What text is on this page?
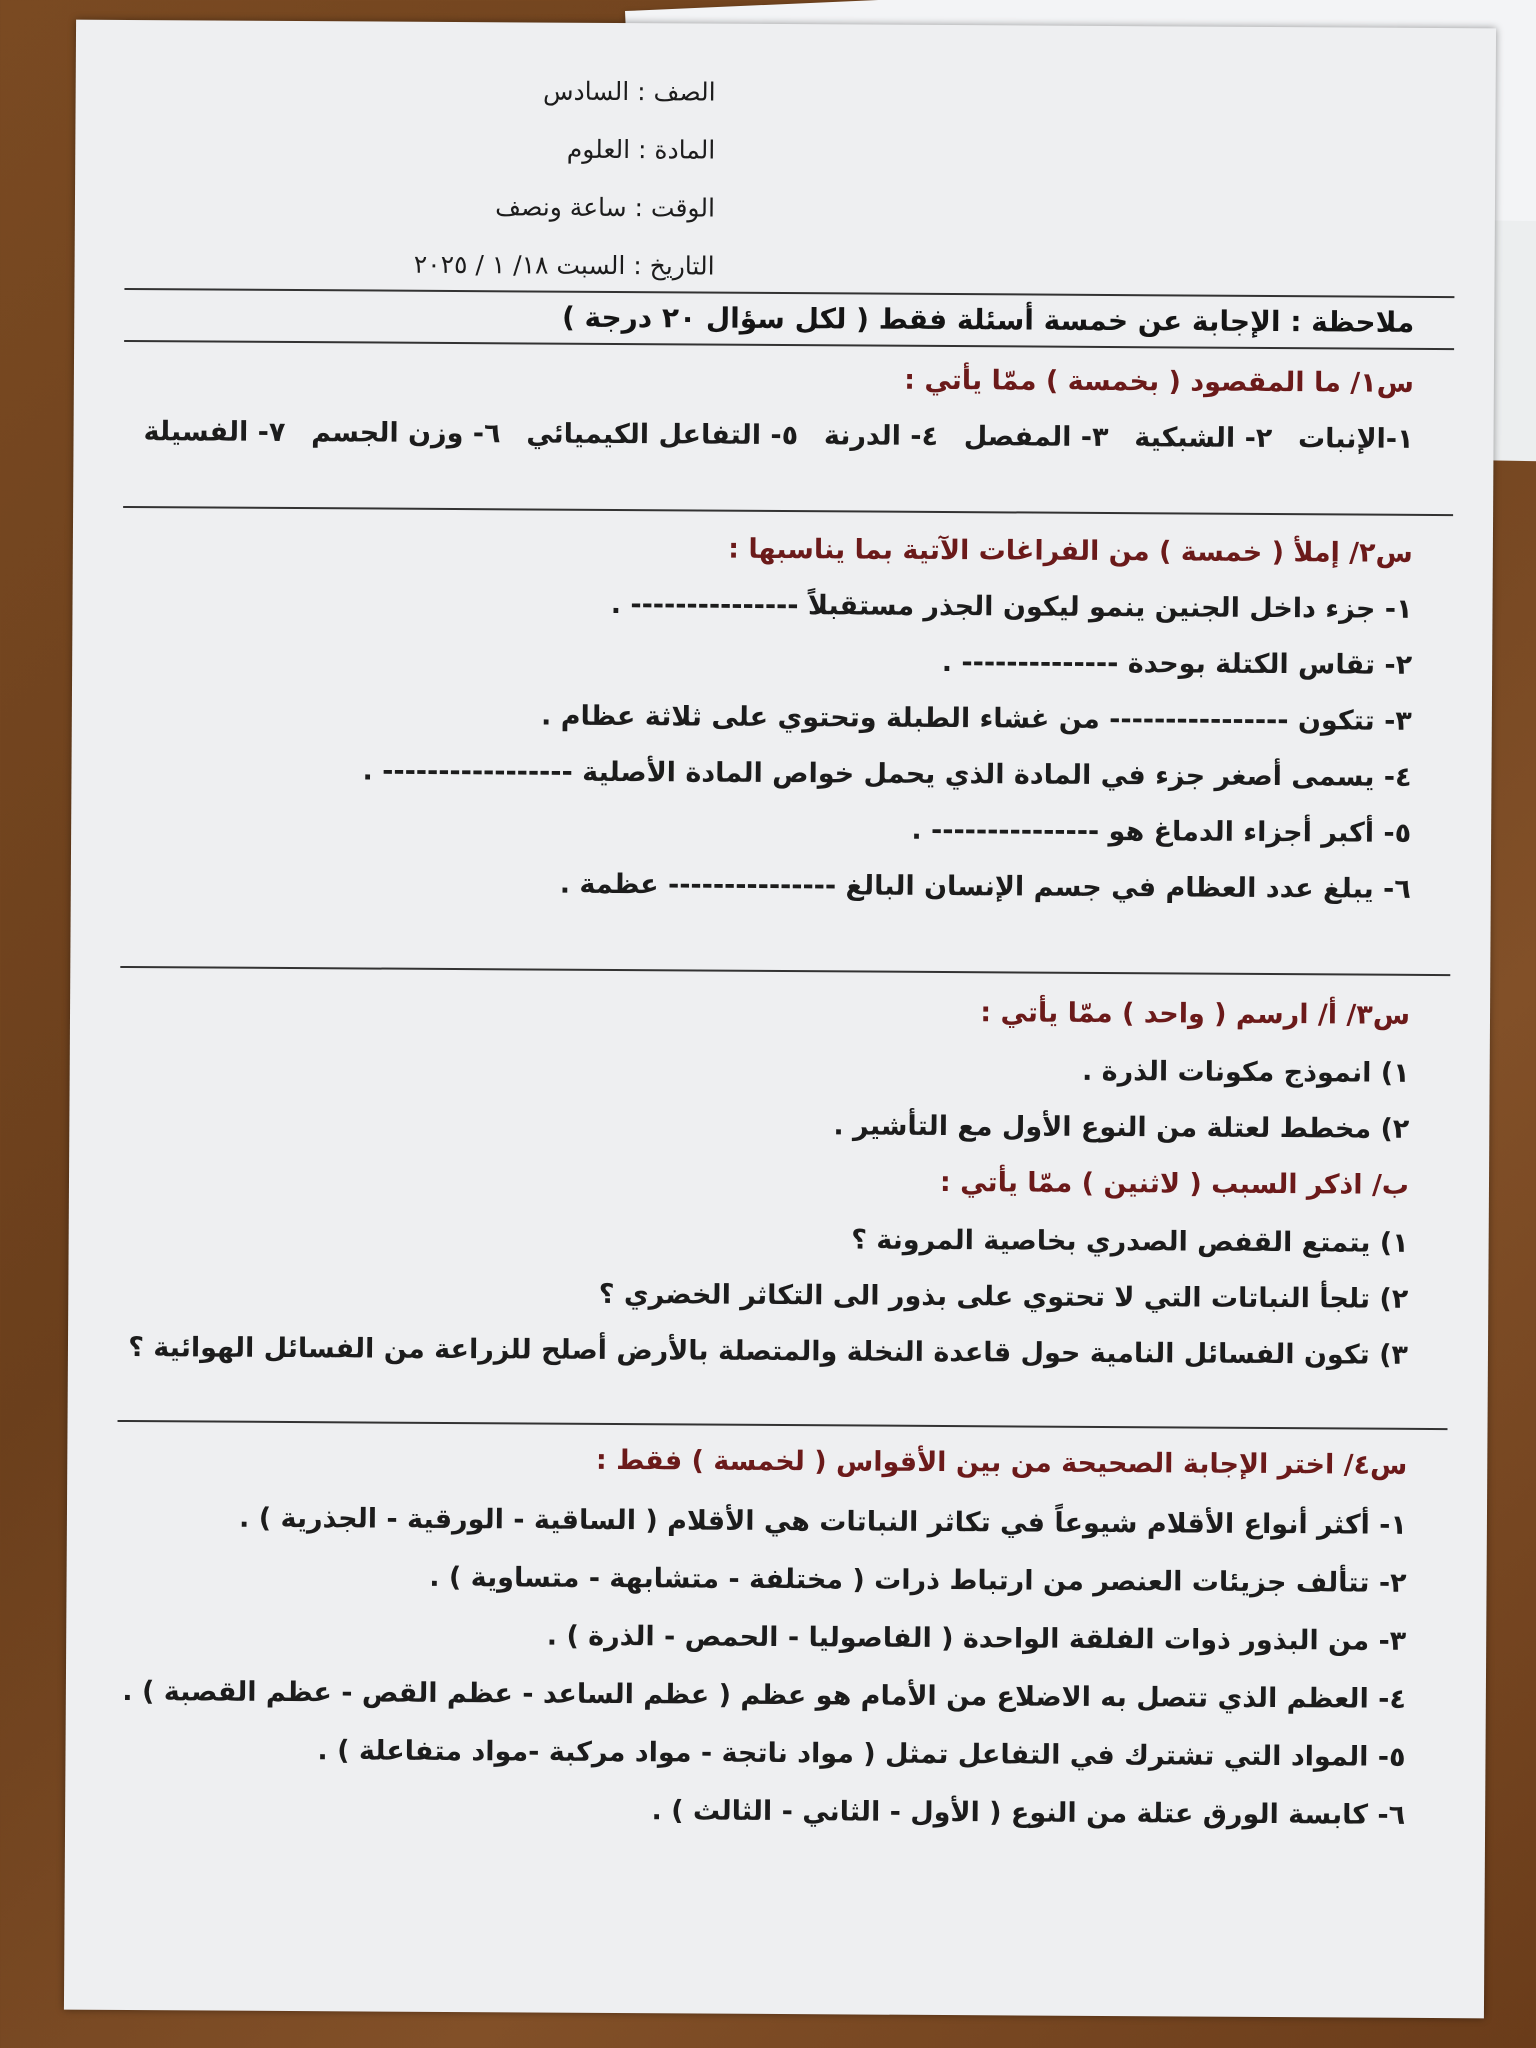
الصف : السادس
المادة : العلوم
الوقت : ساعة ونصف
التاريخ : السبت ١٨/ ١ / ٢٠٢٥
ملاحظة : الإجابة عن خمسة أسئلة فقط ( لكل سؤال ٢٠ درجة )
س١/ ما المقصود ( بخمسة ) ممّا يأتي :
١-الإنبات
٢- الشبكية
٣- المفصل
٤- الدرنة
٥- التفاعل الكيميائي
٦- وزن الجسم
٧- الفسيلة
س٢/ إملأ ( خمسة ) من الفراغات الآتية بما يناسبها :
١- جزء داخل الجنين ينمو ليكون الجذر مستقبلاً --------------- .
٢- تقاس الكتلة بوحدة -------------- .
٣- تتكون ---------------- من غشاء الطبلة وتحتوي على ثلاثة عظام .
٤- يسمى أصغر جزء في المادة الذي يحمل خواص المادة الأصلية ----------------- .
٥- أكبر أجزاء الدماغ هو --------------- .
٦- يبلغ عدد العظام في جسم الإنسان البالغ --------------- عظمة .
س٣/ أ/ ارسم ( واحد ) ممّا يأتي :
١) انموذج مكونات الذرة .
٢) مخطط لعتلة من النوع الأول مع التأشير .
ب/ اذكر السبب ( لاثنين ) ممّا يأتي :
١) يتمتع القفص الصدري بخاصية المرونة ؟
٢) تلجأ النباتات التي لا تحتوي على بذور الى التكاثر الخضري ؟
٣) تكون الفسائل النامية حول قاعدة النخلة والمتصلة بالأرض أصلح للزراعة من الفسائل الهوائية ؟
س٤/ اختر الإجابة الصحيحة من بين الأقواس ( لخمسة ) فقط :
١- أكثر أنواع الأقلام شيوعاً في تكاثر النباتات هي الأقلام ( الساقية - الورقية - الجذرية ) .
٢- تتألف جزيئات العنصر من ارتباط ذرات ( مختلفة - متشابهة - متساوية ) .
٣- من البذور ذوات الفلقة الواحدة ( الفاصوليا - الحمص - الذرة ) .
٤- العظم الذي تتصل به الاضلاع من الأمام هو عظم ( عظم الساعد - عظم القص - عظم القصبة ) .
٥- المواد التي تشترك في التفاعل تمثل ( مواد ناتجة - مواد مركبة -مواد متفاعلة ) .
٦- كابسة الورق عتلة من النوع ( الأول - الثاني - الثالث ) .
